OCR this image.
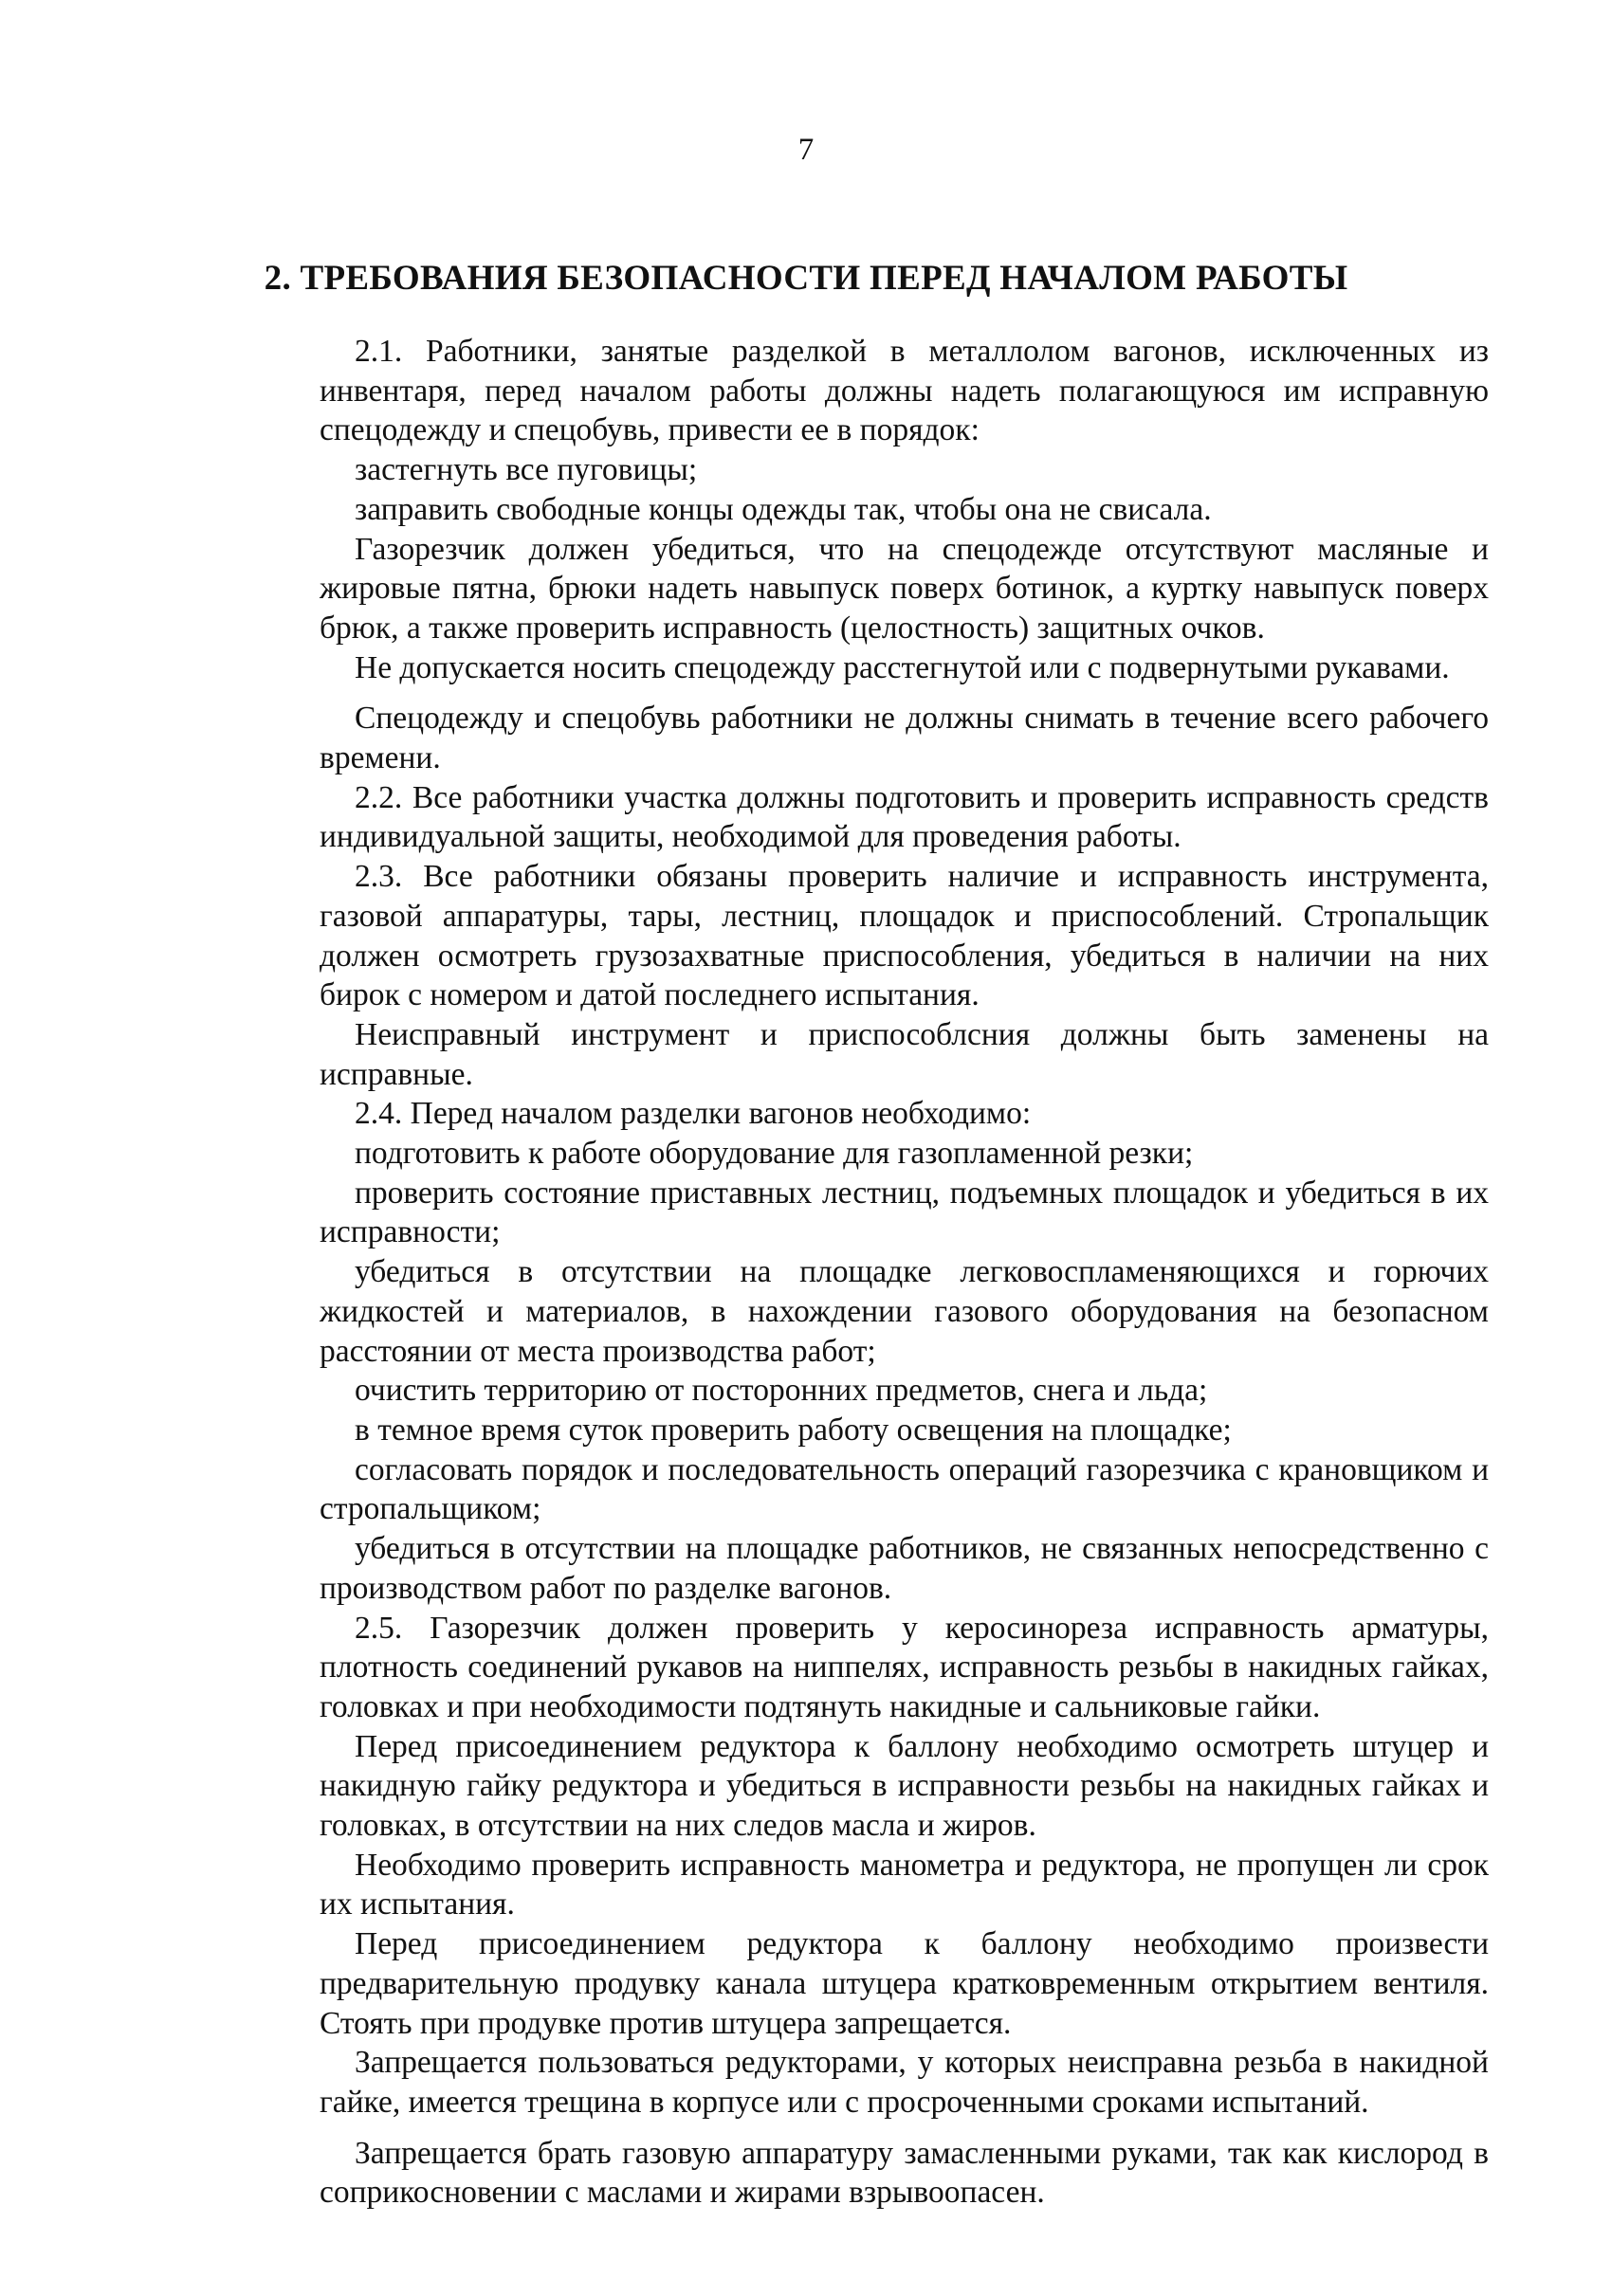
7
2. ТРЕБОВАНИЯ БЕЗОПАСНОСТИ ПЕРЕД НАЧАЛОМ РАБОТЫ

2.1. Работники, занятые разделкой в металлолом вагонов, исключенных из инвентаря, перед началом работы должны надеть полагающуюся им исправную спецодежду и спецобувь, привести ее в порядок:

застегнуть все пуговицы;

заправить свободные концы одежды так, чтобы она не свисала.

Газорезчик должен убедиться, что на спецодежде отсутствуют масляные и жировые пятна, брюки надеть навыпуск поверх ботинок, а куртку навыпуск поверх брюк, а также проверить исправность (целостность) защитных очков.

Не допускается носить спецодежду расстегнутой или с подвернутыми рукавами.

Спецодежду и спецобувь работники не должны снимать в течение всего рабочего времени.

2.2. Все работники участка должны подготовить и проверить исправность средств индивидуальной защиты, необходимой для проведения работы.

2.3. Все работники обязаны проверить наличие и исправность инструмента, газовой аппаратуры, тары, лестниц, площадок и приспособлений. Стропальщик должен осмотреть грузозахватные приспособления, убедиться в наличии на них бирок с номером и датой последнего испытания.

Неисправный инструмент и приспособлсния должны быть заменены на исправные.

2.4. Перед началом разделки вагонов необходимо:

подготовить к работе оборудование для газопламенной резки;

проверить состояние приставных лестниц, подъемных площадок и убедиться в их исправности;

убедиться в отсутствии на площадке легковоспламеняющихся и горючих жидкостей и материалов, в нахождении газового оборудования на безопасном расстоянии от места производства работ;

очистить территорию от посторонних предметов, снега и льда;

в темное время суток проверить работу освещения на площадке;

согласовать порядок и последовательность операций газорезчика с крановщиком и стропальщиком;

убедиться в отсутствии на площадке работников, не связанных непосредственно с производством работ по разделке вагонов.

2.5. Газорезчик должен проверить у керосинореза исправность арматуры, плотность соединений рукавов на ниппелях, исправность резьбы в накидных гайках, головках и при необходимости подтянуть накидные и сальниковые гайки.

Перед присоединением редуктора к баллону необходимо осмотреть штуцер и накидную гайку редуктора и убедиться в исправности резьбы на накидных гайках и головках, в отсутствии на них следов масла и жиров.

Необходимо проверить исправность манометра и редуктора, не пропущен ли срок их испытания.

Перед присоединением редуктора к баллону необходимо произвести предварительную продувку канала штуцера кратковременным открытием вентиля. Стоять при продувке против штуцера запрещается.

Запрещается пользоваться редукторами, у которых неисправна резьба в накидной гайке, имеется трещина в корпусе или с просроченными сроками испытаний.

Запрещается брать газовую аппаратуру замасленными руками, так как кислород в соприкосновении с маслами и жирами взрывоопасен.
